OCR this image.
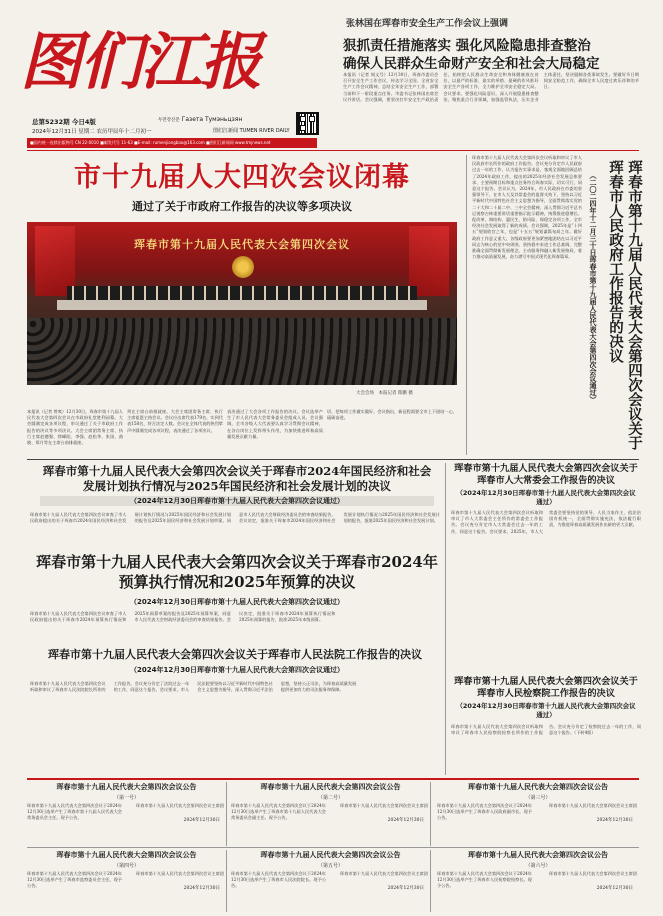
图们江报
总第5232期 今日4版	두만강신문 Газета Тумэньцзян
2024年12月31日 星期二 农历甲辰年十二月初一	图们江新闻 TUMEN RIVER DAILY
■国内统一连续出版物号 CN 22-0010 ■邮发代号 11-63 ■E-mail: rumenjiangbao@163.com ■图们江新闻网 www.tmjnews.net
张林国在珲春市安全生产工作会议上强调
狠抓责任措施落实 强化风险隐患排查整治
确保人民群众生命财产安全和社会大局稳定
本报讯（记者 闻文号）12月30日，珲春市委员会召开安全生产工作会议，传达学习全国、全省安全生产工作会议精神，总结全年安全生产工作，部署当前和下一阶段重点任务。市委书记张林国出席会议并讲话。会议强调，要坚决扛牢安全生产政治责任，始终把人民群众生命安全和身体健康放在首位，以最严的标准、最实的举措、最硬的作风抓好安全生产各项工作，全力维护全市安全稳定大局。会议要求，要强化风险意识，深入开展隐患排查整治，聚焦重点行业领域，加强监管执法，压实企业主体责任，坚决遏制各类事故发生。要做好节日期间安全防范工作，确保全市人民度过欢乐祥和的节日。
市十九届人大四次会议闭幕
通过了关于市政府工作报告的决议等多项决议
珲春市第十九届人民代表大会第四次会议
大会会场　本报记者 郎鹏 摄
本报讯（记者 曾爽）12月30日，珲春市第十九届人民代表大会第四次会议在市政府礼堂胜利闭幕。大会圆满完成各项议程，审议通过了关于市政府工作报告的决议等多项决议。大会主席团常务主席、执行主席赵德强、徐峰阳、李强、赵松华、张国、曲晓、郑月等在主席台前排就座。
列在主席台前排就座。大会主席团常务主席、执行主席祖恩主持会议。会议应出席代表179名，实到代表158名，符合法定人数。会议在全体代表的热烈掌声中圆满完成各项议程，表决通过了各项决议。
表决通过了大会各项工作报告的决议。会议选举产生了市人民代表大会常务委员会组成人员。会议强调，全市各级人大代表要认真学习贯彻会议精神，在各自岗位上发挥带头作用，为加快推进珲春高质量发展贡献力量。
切，把每项工作做实做好。会议指出，新征程需要全市上下团结一心，砥砺奋进。
珲春市第十九届人民代表大会第四次会议听取和审议了市人民政府市长所作的政府工作报告。会议充分肯定市人民政府过去一年的工作，认为报告实事求是、客观全面地回顾总结了2024年政府工作，提出的2025年经济社会发展总体要求、主要预期目标和重点任务符合珲春实际，切实可行，同意这个报告。会议认为，2024年，市人民政府在市委的坚强领导下，在市人大及其常委会的监督支持下，坚持以习近平新时代中国特色社会主义思想为指导，全面贯彻落实党的二十大和二十届二中、三中全会精神，深入贯彻习近平总书记视察吉林重要讲话重要指示批示精神，统筹推进稳增长、促改革、调结构、惠民生、防风险、保稳定各项工作，全市经济社会发展取得了新的成绩。会议强调，2025年是“十四五”规划收官之年，也是“十五五”规划谋篇布局之年。做好政府工作意义重大。各级政府要更加紧密地团结在以习近平同志为核心的党中央周围，坚持稳中求进工作总基调，完整准确全面贯彻新发展理念，主动服务和融入新发展格局，着力推动高质量发展，奋力谱写中国式现代化珲春篇章。	（二〇二四年十二月三十日珲春市第十九届人民代表大会第四次会议通过）	珲春市第十九届人民代表大会第四次会议关于珲春市人民政府工作报告的决议
珲春市第十九届人民代表大会第四次会议关于珲春市2024年国民经济和社会发展计划执行情况与2025年国民经济和社会发展计划的决议
（2024年12月30日珲春市第十九届人民代表大会第四次会议通过）
珲春市第十九届人民代表大会第四次会议审查了市人民政府提出的关于珲春市2024年国民经济和社会发展计划执行情况与2025年国民经济和社会发展计划的报告及2025年国民经济和社会发展计划草案，同意市人民代表大会财政经济委员会的审查结果报告。会议决定，批准关于珲春市2024年国民经济和社会发展计划执行情况与2025年国民经济和社会发展计划的报告，批准2025年国民经济和社会发展计划。
珲春市第十九届人民代表大会第四次会议关于珲春市2024年预算执行情况和2025年预算的决议
（2024年12月30日珲春市第十九届人民代表大会第四次会议通过）
珲春市第十九届人民代表大会第四次会议审查了市人民政府提出的关于珲春市2024年预算执行情况和2025年预算草案的报告及2025年预算草案，同意市人民代表大会财政经济委员会的审查结果报告。会议决定，批准关于珲春市2024年预算执行情况和2025年预算的报告，批准2025年本级预算。
珲春市第十九届人民代表大会第四次会议关于珲春市人民法院工作报告的决议
（2024年12月30日珲春市第十九届人民代表大会第四次会议通过）
珲春市第十九届人民代表大会第四次会议听取和审议了珲春市人民法院院长所作的工作报告。会议充分肯定了法院过去一年的工作，同意这个报告。会议要求，市人民法院要坚持以习近平新时代中国特色社会主义思想为指导，深入贯彻习近平法治思想，坚持公正司法，为珲春高质量发展提供更加有力的司法服务和保障。
珲春市第十九届人民代表大会第四次会议关于珲春市人大常委会工作报告的决议
（2024年12月30日珲春市第十九届人民代表大会第四次会议通过）
珲春市第十九届人民代表大会第四次会议听取和审议了市人大常委会主任所作的常委会工作报告。会议充分肯定市人大常委会过去一年的工作，同意这个报告。会议要求，2025年，市人大常委会要坚持党的领导、人民当家作主、依法治国有机统一，全面贯彻实施宪法，依法履行职责，为推进珲春高质量发展作出新的更大贡献。
珲春市第十九届人民代表大会第四次会议关于珲春市人民检察院工作报告的决议
（2024年12月30日珲春市第十九届人民代表大会第四次会议通过）
珲春市第十九届人民代表大会第四次会议听取和审议了珲春市人民检察院检察长所作的工作报告。会议充分肯定了检察院过去一年的工作，同意这个报告。（下转4版）
珲春市第十九届人民代表大会第四次会议公告
（第一号）
珲春市第十九届人民代表大会第四次会议于2024年12月30日选举产生了珲春市第十九届人民代表大会常务委员会主任。现予公告。
珲春市第十九届人民代表大会第四次会议主席团
2024年12月30日
珲春市第十九届人民代表大会第四次会议公告
（第二号）
珲春市第十九届人民代表大会第四次会议于2024年12月30日选举产生了珲春市第十九届人民代表大会常务委员会副主任。现予公告。
珲春市第十九届人民代表大会第四次会议主席团
2024年12月30日
珲春市第十九届人民代表大会第四次会议公告
（第三号）
珲春市第十九届人民代表大会第四次会议于2024年12月30日选举产生了珲春市人民政府副市长。现予公告。
珲春市第十九届人民代表大会第四次会议主席团
2024年12月30日
珲春市第十九届人民代表大会第四次会议公告
（第四号）
珲春市第十九届人民代表大会第四次会议于2024年12月30日选举产生了珲春市监察委员会主任。现予公告。
珲春市第十九届人民代表大会第四次会议主席团
2024年12月30日
珲春市第十九届人民代表大会第四次会议公告
（第五号）
珲春市第十九届人民代表大会第四次会议于2024年12月30日选举产生了珲春市人民法院院长。现予公告。
珲春市第十九届人民代表大会第四次会议主席团
2024年12月30日
珲春市第十九届人民代表大会第四次会议公告
（第六号）
珲春市第十九届人民代表大会第四次会议于2024年12月30日选举产生了珲春市人民检察院检察长。现予公告。
珲春市第十九届人民代表大会第四次会议主席团
2024年12月30日
